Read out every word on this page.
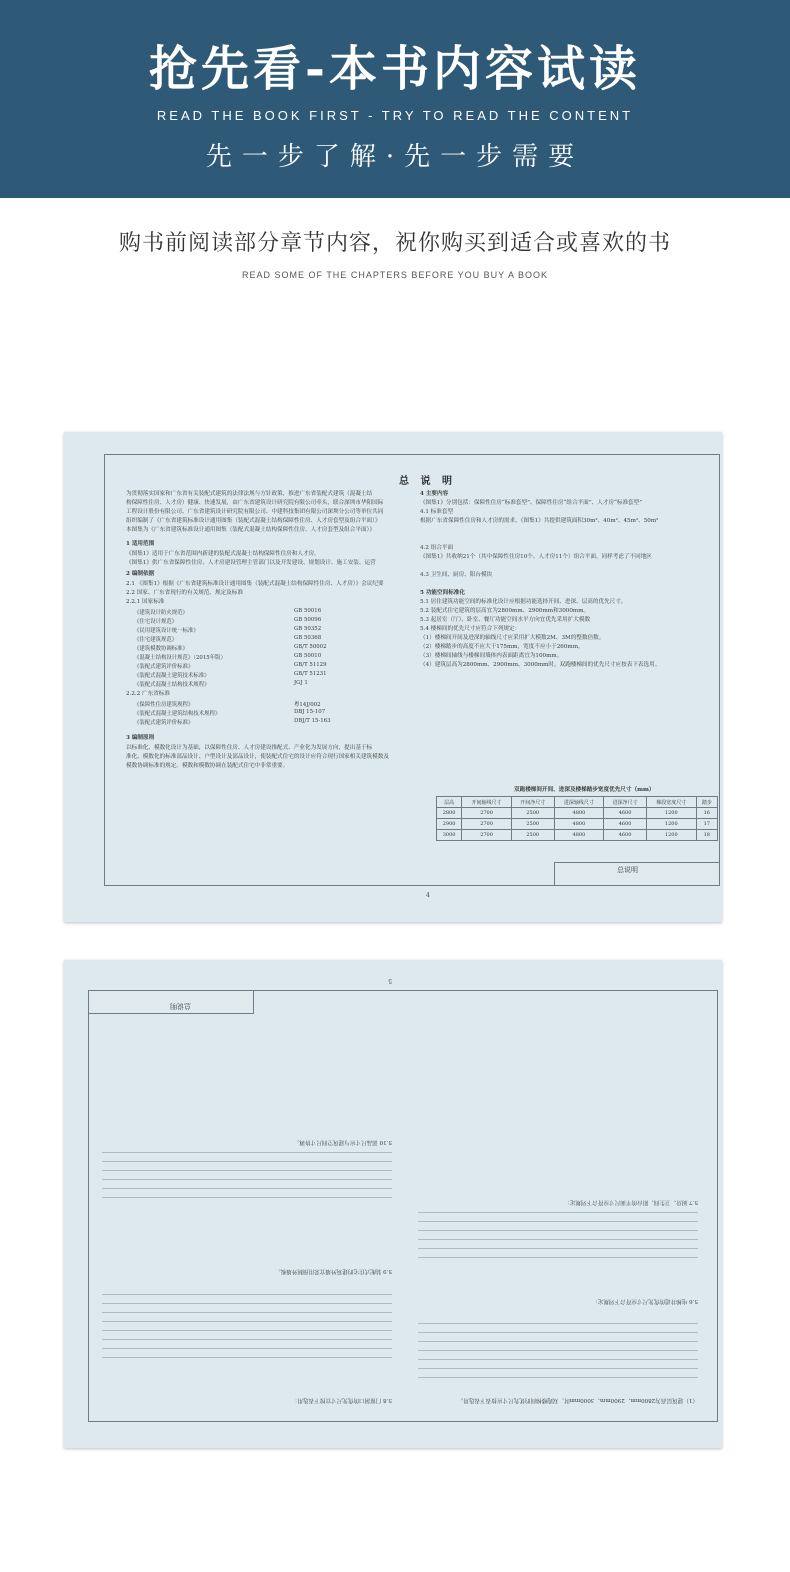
抢先看-本书内容试读
READ THE BOOK FIRST - TRY TO READ THE CONTENT
先一步了解·先一步需要
购书前阅读部分章节内容，祝你购买到适合或喜欢的书
READ SOME OF THE CHAPTERS BEFORE YOU BUY A BOOK
总 说 明
为贯彻落实国家和广东省有关装配式建筑的法律法规与方针政策，推进广东省装配式建筑（混凝土结
构保障性住房、人才房）健康、快速发展，由广东省建筑设计研究院有限公司牵头，联合深圳市华阳国际
工程设计股份有限公司、广东省建筑设计研究院有限公司、中建科技集团有限公司深圳分公司等单位共同
组织编制了《广东省建筑标准设计通用图集（装配式混凝土结构保障性住房、人才房套型及组合平面）》
本图集为《广东省建筑标准设计通用图集（装配式混凝土结构保障性住房、人才房套型及组合平面）》
1 适用范围
《图集1》适用于广东省范围内新建的装配式混凝土结构保障性住房和人才房。
《图集1》供广东省保障性住房、人才房建设管理主管部门以及开发建设、规划设计、施工安装、运营
2 编制依据
2.1 《图集1》根据《广东省建筑标准设计通用图集（装配式混凝土结构保障性住房、人才房）》会议纪要
2.2 国家、广东省现行的有关规范、规定及标准
2.2.1 国家标准
《建筑设计防火规范》	GB 50016
《住宅设计规范》	GB 50096
《民用建筑设计统一标准》	GB 50352
《住宅建筑规范》	GB 50368
《建筑模数协调标准》	GB/T 50002
《混凝土结构设计规范》（2015年版）	GB 50010
《装配式建筑评价标准》	GB/T 51129
《装配式混凝土建筑技术标准》	GB/T 51231
《装配式混凝土结构技术规程》	JGJ 1
2.2.2 广东省标准
《保障性住房建筑规程》	粤14J/002
《装配式混凝土建筑结构技术规程》	DBJ 15-107
《装配式建筑评价标准》	DBJ/T 15-163
3 编制原则
以标准化、模数化设计为基础，以保障性住房、人才房建设推配式、产业化为发展方向，提出基于标
准化、模数化的标准部品设计、户型设计及部品设计，使装配式住宅的设计应符合现行国家相关建筑模数及
模数协调标准的规定。模数和模数协调在装配式住宅中非常重要。
4 主要内容
《图集1》分别包括：保障性住房“标准套型”、保障性住房“组合平面”、人才房“标准套型”
4.1 标准套型
根据广东省保障性住房和人才房的需求，《图集1》共提供建筑面积30m²、40m²、45m²、50m²
4.2 组合平面
《图集1》共收纳21个（其中保障性住房10个、人才房11个）组合平面，同样考虑了不同地区
4.3 卫生间、厨房、阳台模块
5 功能空间标准化
5.1 居住建筑功能空间的标准化设计应根据功能选择开间、进深、层高的优先尺寸。
5.2 装配式住宅建筑的层高宜为2800mm、2900mm和3000mm。
5.3 起居室（厅）、卧室、餐厅功能空间水平方向宜优先采用扩大模数
5.4 楼梯间的优先尺寸应符合下列规定：
（1）楼梯间开间及进深的轴线尺寸应采用扩大模数2M、3M的整数倍数。
（2）楼梯踏步的高度不应大于175mm，宽度不应小于260mm。
（3）楼梯间轴线与楼梯间墙体内表面距离宜为100mm。
（4）建筑层高为2800mm、2900mm、3000mm时，双跑楼梯间的优先尺寸应按表下表选用。
双跑楼梯间开间、进深及楼梯踏步宽度优先尺寸（mm）
层高	开间轴线尺寸	开间净尺寸	进深轴线尺寸	进深净尺寸	梯段宽度尺寸	踏步
2800	2700	2500	4800	4600	1200	16
2900	2700	2500	4800	4600	1200	17
3000	2700	2500	4800	4600	1200	18
总说明
4
5
总说明
（1）建筑层高为2800mm、2900mm、3000mm时，双跑楼梯间的优先尺寸应按表下表选用。
5.6 电梯井道的优先尺寸应符合下列规定：
5.7 厨房、卫生间、阳台的平面尺寸应符合下列规定：
5.8 门窗洞口的优先尺寸宜按下表选用：
5.9 装配式住宅的建筑外墙宜采用预制外墙板。
5.10 部品尺寸应与建筑空间尺寸协调。
